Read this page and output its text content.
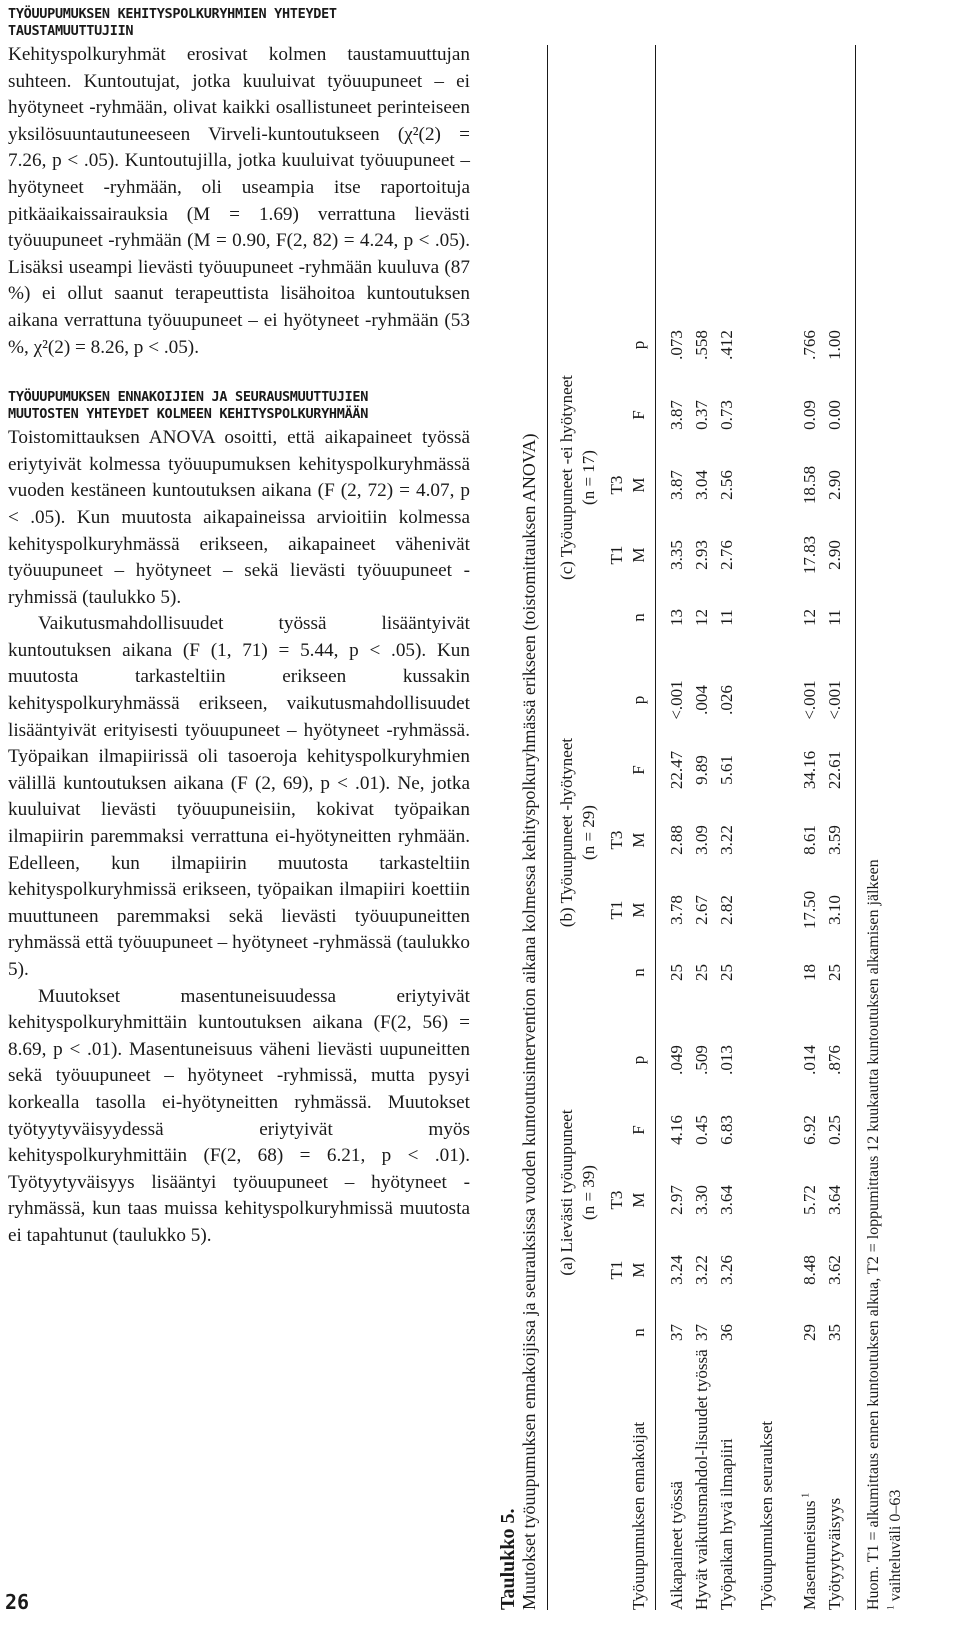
TYÖUUPUMUKSEN KEHITYSPOLKURYHMIEN YHTEYDET
TAUSTAMUUTTUJIIN

Kehityspolkuryhmät erosivat kolmen taustamuuttujan suhteen. Kuntoutujat, jotka kuuluivat työuupuneet – ei hyötyneet -ryhmään, olivat kaikki osallistuneet perinteiseen yksilösuuntautuneeseen Virveli-kuntoutukseen (χ²(2) = 7.26, p < .05). Kuntoutujilla, jotka kuuluivat työuupuneet – hyötyneet -ryhmään, oli useampia itse raportoituja pitkäaikaissairauksia (M = 1.69) verrattuna lievästi työuupuneet -ryhmään (M = 0.90, F(2, 82) = 4.24, p < .05). Lisäksi useampi lievästi työuupuneet -ryhmään kuuluva (87 %) ei ollut saanut terapeuttista lisähoitoa kuntoutuksen aikana verrattuna työuupuneet – ei hyötyneet -ryhmään (53 %, χ²(2) = 8.26, p < .05).

TYÖUUPUMUKSEN ENNAKOIJIEN JA SEURAUSMUUTTUJIEN
MUUTOSTEN YHTEYDET KOLMEEN KEHITYSPOLKURYHMÄÄN

Toistomittauksen ANOVA osoitti, että aikapaineet työssä eriytyivät kolmessa työuupumuksen kehityspolkuryhmässä vuoden kestäneen kuntoutuksen aikana (F (2, 72) = 4.07, p < .05). Kun muutosta aikapaineissa arvioitiin kolmessa kehityspolkuryhmässä erikseen, aikapaineet vähenivät työuupuneet – hyötyneet – sekä lievästi työuupuneet -ryhmissä (taulukko 5).

Vaikutusmahdollisuudet työssä lisääntyivät kuntoutuksen aikana (F (1, 71) = 5.44, p < .05). Kun muutosta tarkasteltiin erikseen kussakin kehityspolkuryhmässä erikseen, vaikutusmahdollisuudet lisääntyivät erityisesti työuupuneet – hyötyneet -ryhmässä. Työpaikan ilmapiirissä oli tasoeroja kehityspolkuryhmien välillä kuntoutuksen aikana (F (2, 69), p < .01). Ne, jotka kuuluivat lievästi työuupuneisiin, kokivat työpaikan ilmapiirin paremmaksi verrattuna ei-hyötyneitten ryhmään. Edelleen, kun ilmapiirin muutosta tarkasteltiin kehityspolkuryhmissä erikseen, työpaikan ilmapiiri koettiin muuttuneen paremmaksi sekä lievästi työuupuneitten ryhmässä että työuupuneet – hyötyneet -ryhmässä (taulukko 5).

Muutokset masentuneisuudessa eriytyivät kehityspolkuryhmittäin kuntoutuksen aikana (F(2, 56) = 8.69, p < .01). Masentuneisuus väheni lievästi uupuneitten sekä työuupuneet – hyötyneet -ryhmissä, mutta pysyi korkealla tasolla ei-hyötyneitten ryhmässä. Muutokset työtyytyväisyydessä eriytyivät myös kehityspolkuryhmittäin (F(2, 68) = 6.21, p < .01). Työtyytyväisyys lisääntyi työuupuneet – hyötyneet -ryhmässä, kun taas muissa kehityspolkuryhmissä muutosta ei tapahtunut (taulukko 5).

26	Taulukko 5. Muutokset työuupumuksen ennakoijissa ja seurauksissa vuoden kuntoutusintervention aikana kolmessa kehityspolkuryhmässä erikseen (toistomittauksen ANOVA) (a) Lievästi työuupuneet (n = 39)
n
T1 M
T3 M
F
p
(b) Työuupuneet -hyötyneet (n = 29)
n
T1 M
T3 M
F
p
(c) Työuupuneet -ei hyötyneet (n = 17)
n
T1 M
T3 M
F
p
Työuupumuksen ennakoijat Aikapaineet työssä
37
3.24
2.97
4.16
.049
25
3.78
2.88
22.47
<.001
13
3.35
3.87
3.87
.073
Hyvät vaikutusmahdol-lisuudet työssä
37
3.22
3.30
0.45
.509
25
2.67
3.09
9.89
.004
12
2.93
3.04
0.37
.558
Työpaikan hyvä ilmapiiri
36
3.26
3.64
6.83
.013
25
2.82
3.22
5.61
.026
11
2.76
2.56
0.73
.412
Työuupumuksen seuraukset Masentuneisuus $^1$
29
8.48
5.72
6.92
.014
18
17.50
8.61
34.16
<.001
12
17.83
18.58
0.09
.766
Työtyytyväisyys
35
3.62
3.64
0.25
.876
25
3.10
3.59
22.61
<.001
11
2.90
2.90
0.00
1.00
Huom. T1 = alkumittaus ennen kuntoutuksen alkua, T2 = loppumittaus 12 kuukautta kuntoutuksen alkamisen jälkeen $^1$ vaihteluväli 0–63
